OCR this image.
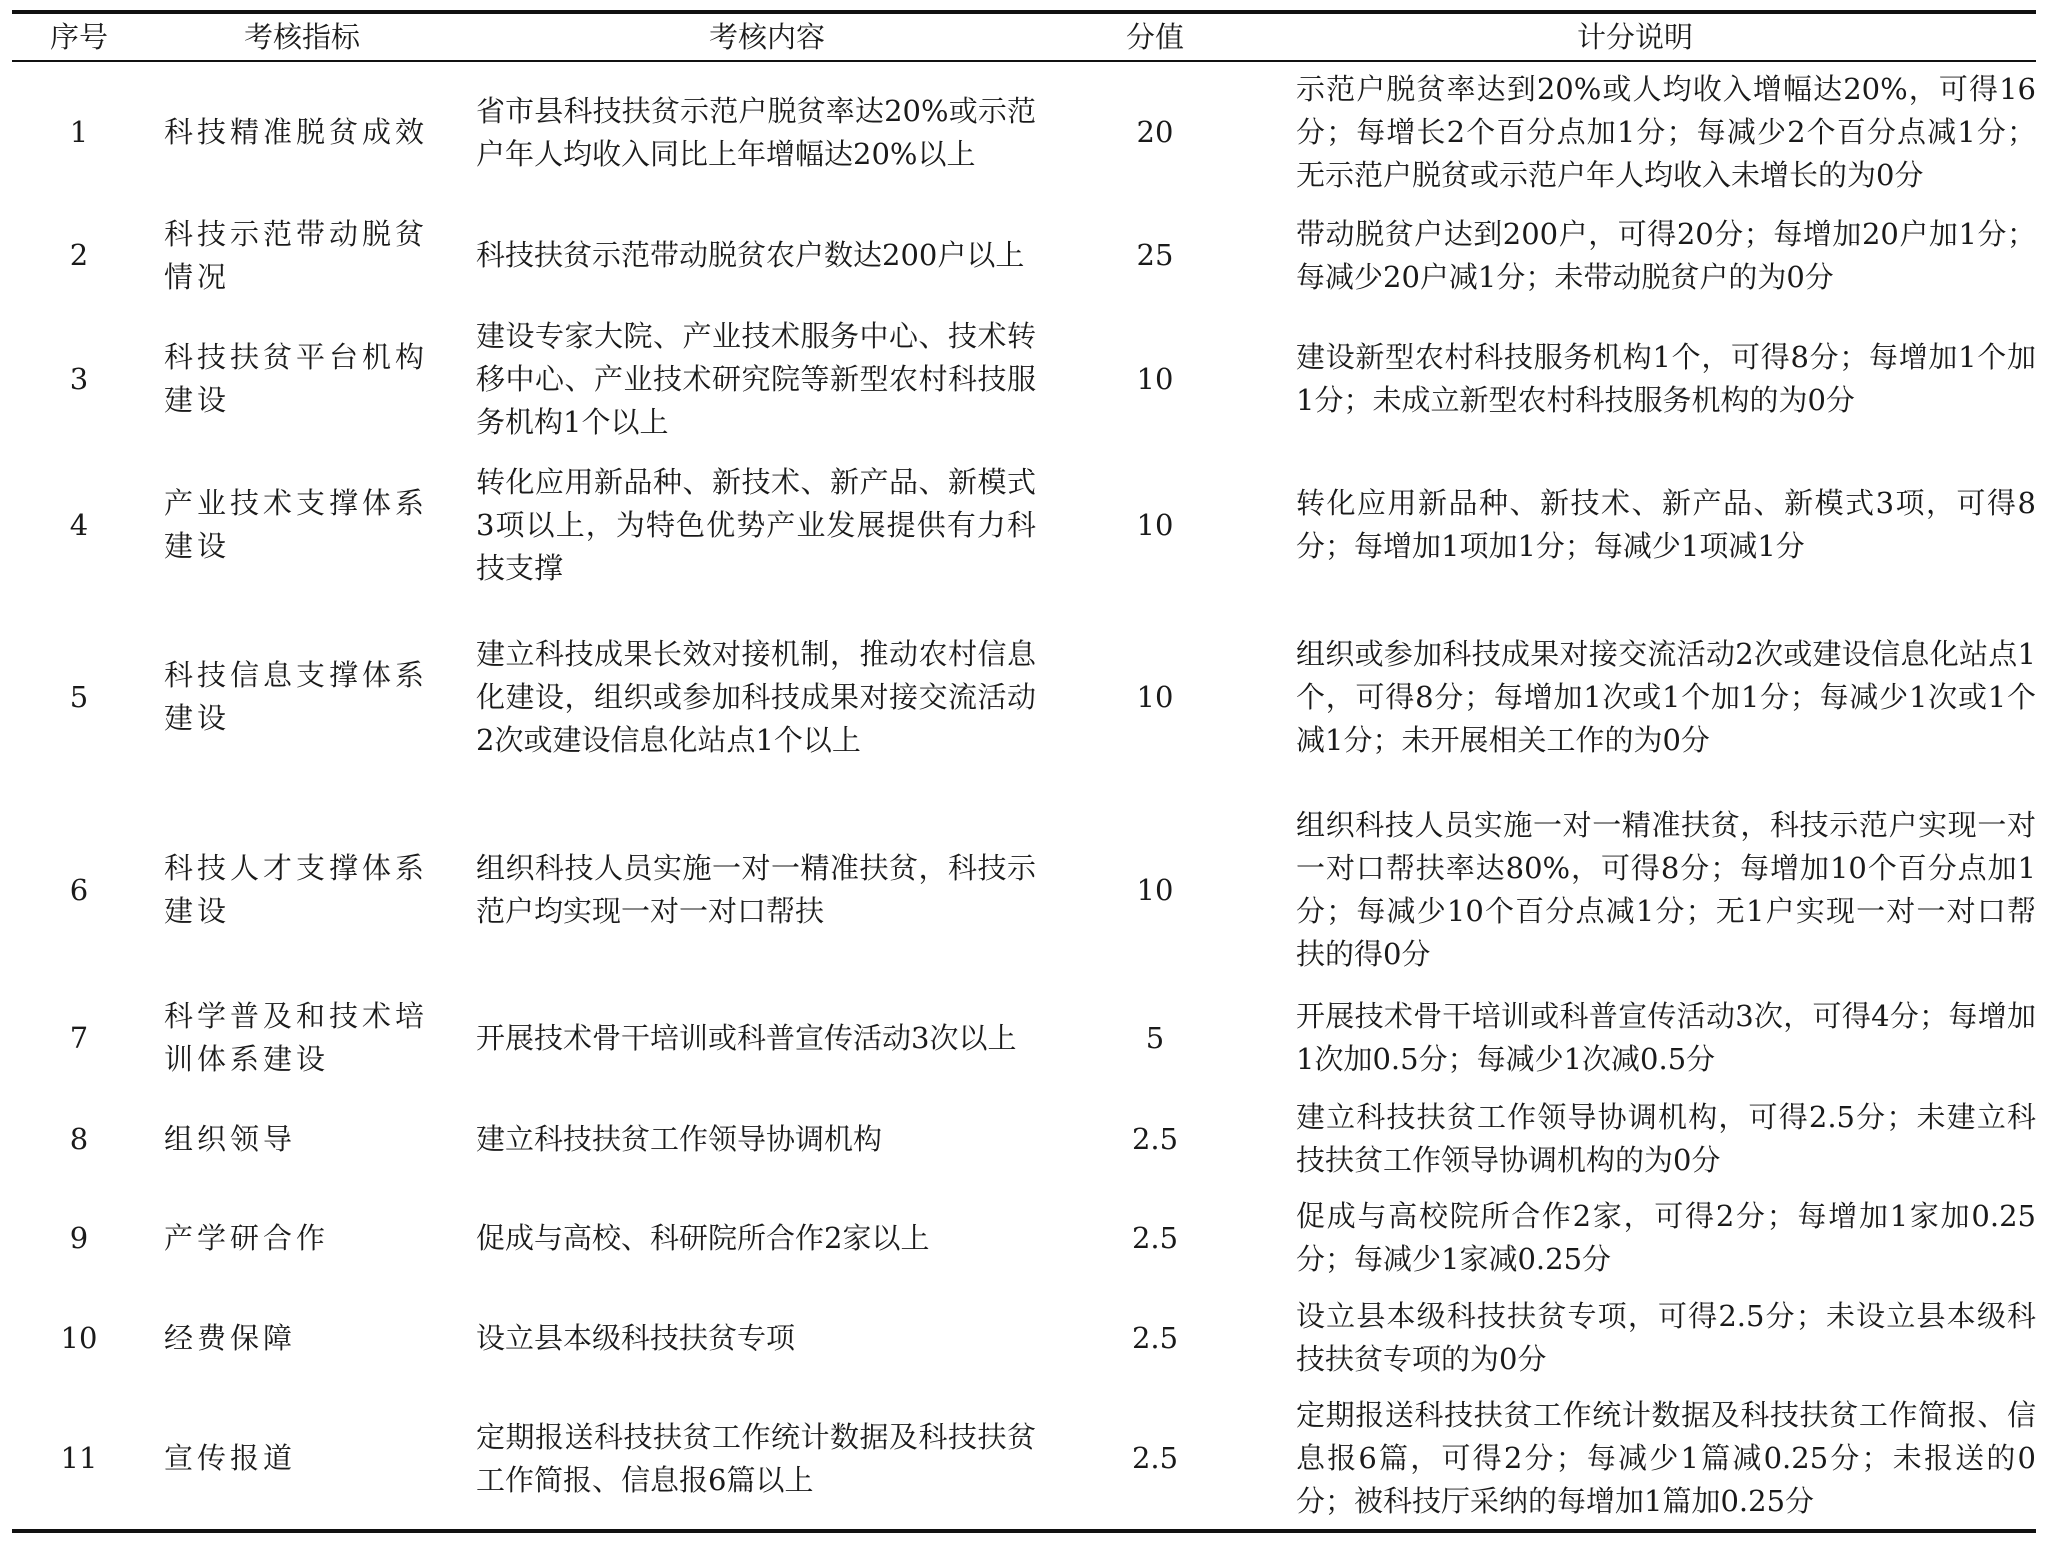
序号	考核指标	考核内容	分值	计分说明
1	科技精准脱贫成效	省市县科技扶贫示范户脱贫率达20%或示范户年人均收入同比上年增幅达20%以上	20	示范户脱贫率达到20%或人均收入增幅达20%，可得16分；每增长2个百分点加1分；每减少2个百分点减1分；无示范户脱贫或示范户年人均收入未增长的为0分
2	科技示范带动脱贫情况	科技扶贫示范带动脱贫农户数达200户以上	25	带动脱贫户达到200户，可得20分；每增加20户加1分；每减少20户减1分；未带动脱贫户的为0分
3	科技扶贫平台机构建设	建设专家大院、产业技术服务中心、技术转移中心、产业技术研究院等新型农村科技服务机构1个以上	10	建设新型农村科技服务机构1个，可得8分；每增加1个加1分；未成立新型农村科技服务机构的为0分
4	产业技术支撑体系建设	转化应用新品种、新技术、新产品、新模式3项以上，为特色优势产业发展提供有力科技支撑	10	转化应用新品种、新技术、新产品、新模式3项，可得8分；每增加1项加1分；每减少1项减1分
5	科技信息支撑体系建设	建立科技成果长效对接机制，推动农村信息化建设，组织或参加科技成果对接交流活动2次或建设信息化站点1个以上	10	组织或参加科技成果对接交流活动2次或建设信息化站点1个，可得8分；每增加1次或1个加1分；每减少1次或1个减1分；未开展相关工作的为0分
6	科技人才支撑体系建设	组织科技人员实施一对一精准扶贫，科技示范户均实现一对一对口帮扶	10	组织科技人员实施一对一精准扶贫，科技示范户实现一对一对口帮扶率达80%，可得8分；每增加10个百分点加1分；每减少10个百分点减1分；无1户实现一对一对口帮扶的得0分
7	科学普及和技术培训体系建设	开展技术骨干培训或科普宣传活动3次以上	5	开展技术骨干培训或科普宣传活动3次，可得4分；每增加1次加0.5分；每减少1次减0.5分
8	组织领导	建立科技扶贫工作领导协调机构	2.5	建立科技扶贫工作领导协调机构，可得2.5分；未建立科技扶贫工作领导协调机构的为0分
9	产学研合作	促成与高校、科研院所合作2家以上	2.5	促成与高校院所合作2家，可得2分；每增加1家加0.25分；每减少1家减0.25分
10	经费保障	设立县本级科技扶贫专项	2.5	设立县本级科技扶贫专项，可得2.5分；未设立县本级科技扶贫专项的为0分
11	宣传报道	定期报送科技扶贫工作统计数据及科技扶贫工作简报、信息报6篇以上	2.5	定期报送科技扶贫工作统计数据及科技扶贫工作简报、信息报6篇，可得2分；每减少1篇减0.25分；未报送的0分；被科技厅采纳的每增加1篇加0.25分
